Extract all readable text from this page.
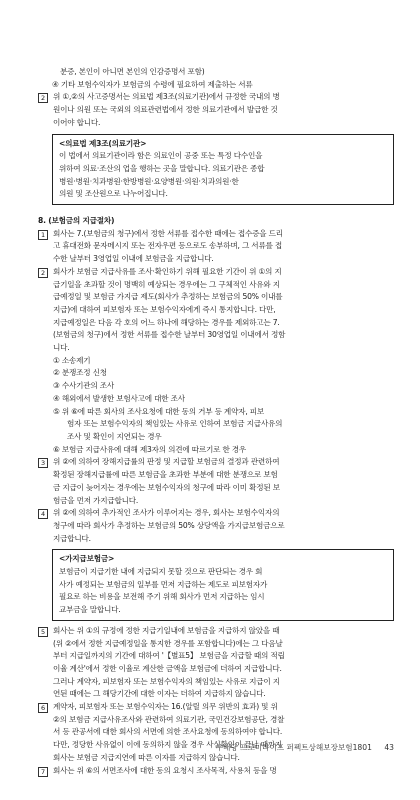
분증, 본인이 아니면 본인의 인감증명서 포함)
④ 기타 보험수익자가 보험금의 수령에 필요하여 제출하는 서류
2	위 ①,②의 사고증명서는 의료법 제3조(의료기관)에서 규정한 국내의 병
원이나 의원 또는 국외의 의료관련법에서 정한 의료기관에서 발급한 것
이어야 합니다.
<의료법 제3조(의료기관>
이 법에서 의료기관이라 함은 의료인이 공중 또는 특정 다수인을
위하여 의료·조산의 업을 행하는 곳을 말합니다. 의료기관은 종합
병원·병원·치과병원·한방병원·요양병원·의원·치과의원·한
의원 및 조산원으로 나누어집니다.
8. (보험금의 지급절차)
1	회사는 7.(보험금의 청구)에서 정한 서류를 접수한 때에는 접수증을 드리
고 휴대전화 문자메시지 또는 전자우편 등으로도 송부하며, 그 서류를 접
수한 날부터 3영업일 이내에 보험금을 지급합니다.
2	회사가 보험금 지급사유를 조사·확인하기 위해 필요한 기간이 위 ①의 지
급기일을 초과할 것이 명백히 예상되는 경우에는 그 구체적인 사유와 지
급예정일 및 보험금 가지급 제도(회사가 추정하는 보험금의 50% 이내를
지급)에 대하여 피보험자 또는 보험수익자에게 즉시 통지합니다. 다만,
지급예정일은 다음 각 호의 어느 하나에 해당하는 경우를 제외하고는 7.
(보험금의 청구)에서 정한 서류를 접수한 날부터 30영업일 이내에서 정함
니다.
① 소송제기
② 분쟁조정 신청
③ 수사기관의 조사
④ 해외에서 발생한 보험사고에 대한 조사
⑤ 위 ⑥에 따른 회사의 조사요청에 대한 동의 거부 등 계약자, 피보
험자 또는 보험수익자의 책임있는 사유로 인하여 보험금 지급사유의
조사 및 확인이 지연되는 경우
⑥ 보험금 지급사유에 대해 제3자의 의견에 따르기로 한 경우
3	위 ②에 의하여 장해지급률의 판정 및 지급할 보험금의 결정과 관련하여
확정된 장해지급률에 따른 보험금을 초과한 부분에 대한 분쟁으로 보험
금 지급이 늦어지는 경우에는 보험수익자의 청구에 따라 이미 확정된 보
험금을 먼저 가지급합니다.
4	위 ②에 의하여 추가적인 조사가 이루어지는 경우, 회사는 보험수익자의
청구에 따라 회사가 추정하는 보험금의 50% 상당액을 가지급보험금으로
지급합니다.
<가지급보험금>
보험금이 지급기한 내에 지급되지 못할 것으로 판단되는 경우 회
사가 예정되는 보험금의 일부를 먼저 지급하는 제도로 피보험자가
필요로 하는 비용을 보전해 주기 위해 회사가 먼저 지급하는 임시
교부금을 말합니다.
5	회사는 위 ①의 규정에 정한 지급기일내에 보험금을 지급하지 않았을 때
(위 ②에서 정한 지급예정일을 통지한 경우를 포함합니다)에는 그 다음날
부터 지급일까지의 기간에 대하여 '【별표5】 보험금을 지급할 때의 적립
이율 계산'에서 정한 이율로 계산한 금액을 보험금에 더하여 지급합니다.
그러나 계약자, 피보험자 또는 보험수익자의 책임있는 사유로 지급이 지
연된 때에는 그 해당기간에 대한 이자는 더하여 지급하지 않습니다.
6	계약자, 피보험자 또는 보험수익자는 16.(알릴 의무 위반의 효과) 및 위
②의 보험금 지급사유조사와 관련하여 의료기관, 국민건강보험공단, 경찰
서 등 관공서에 대한 회사의 서면에 의한 조사요청에 동의하여야 합니다.
다만, 정당한 사유없이 이에 동의하지 않을 경우 사실확인이 끝날 때까지
회사는 보험금 지급지연에 따른 이자를 지급하지 않습니다.
7	회사는 위 ⑥의 서면조사에 대한 동의 요청시 조사목적, 사용처 등을 명
무배당 프로미라이프 퍼펙트상해보장보험1801 43
